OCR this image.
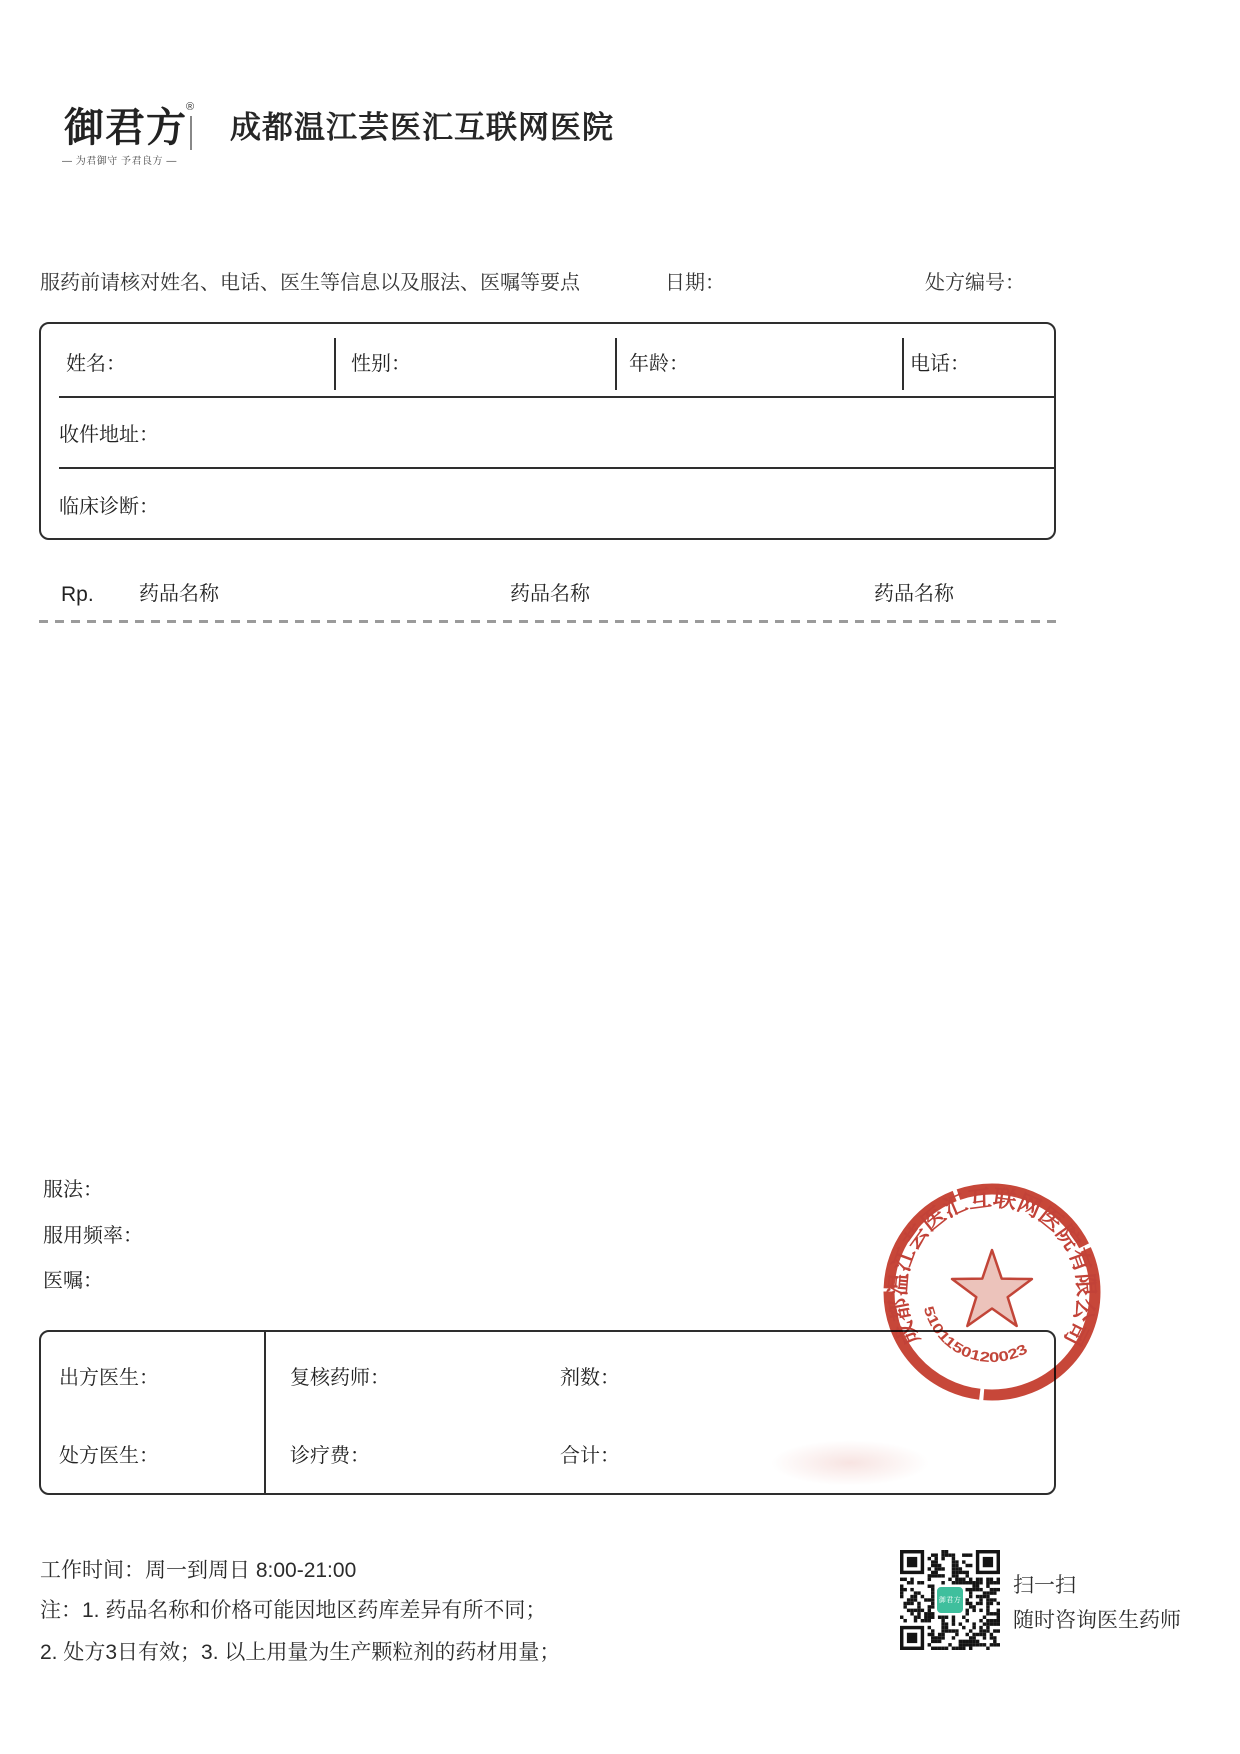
御君方 ®
— 为君御守 予君良方 —
成都温江芸医汇互联网医院
服药前请核对姓名、电话、医生等信息以及服法、医嘱等要点	日期：	处方编号：
姓名：	性别：	年龄：	电话：
收件地址：
临床诊断：
Rp. 药品名称	药品名称	药品名称
服法：
服用频率：
医嘱：
出方医生：	复核药师：	剂数：
处方医生：	诊疗费：	合计：
成都温江芸医汇互联网医院有限公司
5101150120023
工作时间：周一到周日 8:00-21:00
注：1. 药品名称和价格可能因地区药库差异有所不同；
2. 处方3日有效；3. 以上用量为生产颗粒剂的药材用量；
御君方
扫一扫
随时咨询医生药师
